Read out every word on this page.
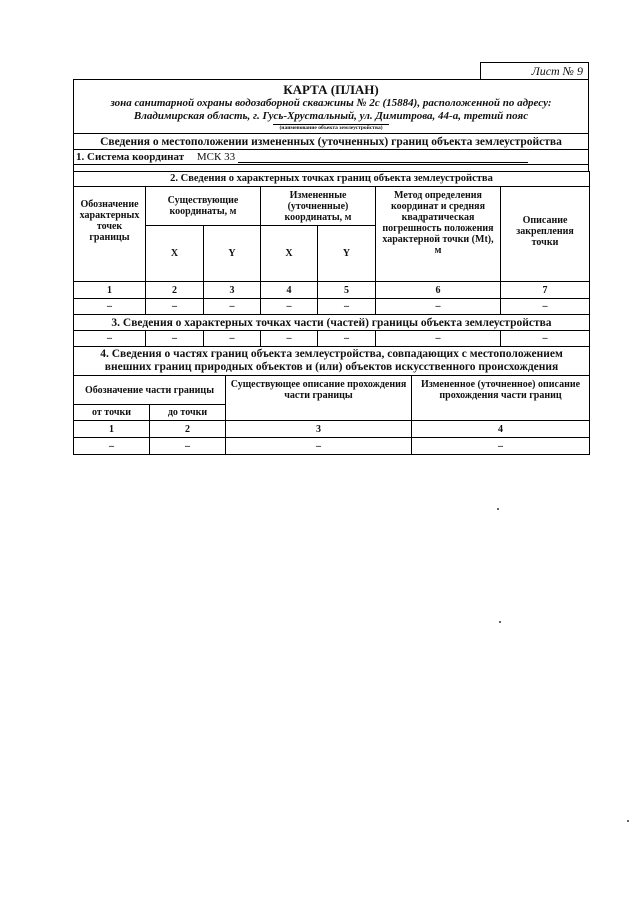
Лист № 9
КАРТА (ПЛАН)
зона санитарной охраны водозаборной скважины № 2с (15884), расположенной по адресу:
Владимирская область, г. Гусь-Хрустальный, ул. Димитрова, 44-а, третий пояс
(наименование объекта землеустройства)
Сведения о местоположении измененных (уточненных) границ объекта землеустройства
1. Система координат МСК 33

2. Сведения о характерных точках границ объекта землеустройства						
Обозначение характерных точек границы	Существующие координаты, м		Измененные (уточненные) координаты, м		Метод определения координат и средняя квадратическая погрешность положения характерной точки (Mt), м	Описание закрепления точки
	X	Y	X	Y		
1	2	3	4	5	6	7
–	–	–	–	–	–	–
3. Сведения о характерных точках части (частей) границы объекта землеустройства						
–	–	–	–	–	–	–
4. Сведения о частях границ объекта землеустройства, совпадающих с местоположением
внешних границ природных объектов и (или) объектов искусственного происхождения			

Обозначение части границы		Существующее описание прохождения части границы	Измененное (уточненное) описание прохождения части границ
от точки	до точки		
1	2	3	4
–	–	–	–
